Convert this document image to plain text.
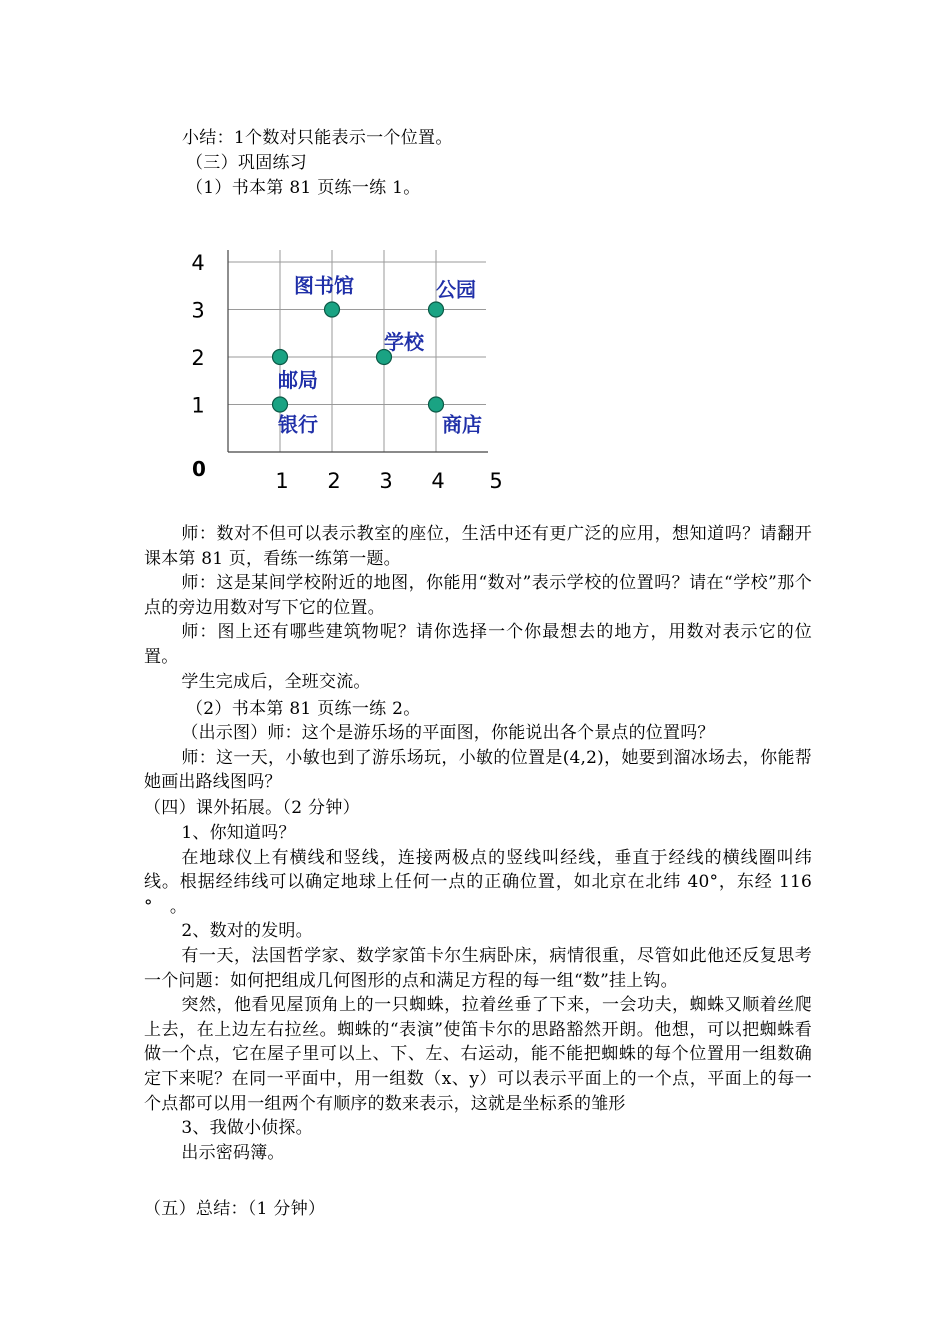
小结：1个数对只能表示一个位置。
（三）巩固练习
（1）书本第 81 页练一练 1。
0	1 2 3 4 5
1
2
3
4
图书馆	公园
学校
邮局
银行	商店

师：数对不但可以表示教室的座位，生活中还有更广泛的应用，想知道吗？请翻开课本第 81 页，看练一练第一题。

师：这是某间学校附近的地图，你能用“数对”表示学校的位置吗？请在“学校”那个点的旁边用数对写下它的位置。

师：图上还有哪些建筑物呢？请你选择一个你最想去的地方，用数对表示它的位置。

学生完成后，全班交流。

（2）书本第 81 页练一练 2。

（出示图）师：这个是游乐场的平面图，你能说出各个景点的位置吗？

师：这一天，小敏也到了游乐场玩，小敏的位置是(4,2)，她要到溜冰场去，你能帮她画出路线图吗？

（四）课外拓展。（2 分钟）

1、你知道吗？

在地球仪上有横线和竖线，连接两极点的竖线叫经线，垂直于经线的横线圈叫纬线。根据经纬线可以确定地球上任何一点的正确位置，如北京在北纬 40°，东经 116 °　。

2、数对的发明。

有一天，法国哲学家、数学家笛卡尔生病卧床，病情很重，尽管如此他还反复思考一个问题：如何把组成几何图形的点和满足方程的每一组“数”挂上钩。

突然，他看见屋顶角上的一只蜘蛛，拉着丝垂了下来，一会功夫，蜘蛛又顺着丝爬上去，在上边左右拉丝。蜘蛛的“表演”使笛卡尔的思路豁然开朗。他想，可以把蜘蛛看做一个点，它在屋子里可以上、下、左、右运动，能不能把蜘蛛的每个位置用一组数确定下来呢？在同一平面中，用一组数（x、y）可以表示平面上的一个点，平面上的每一个点都可以用一组两个有顺序的数来表示，这就是坐标系的雏形

3、我做小侦探。

出示密码簿。

（五）总结：（1 分钟）
